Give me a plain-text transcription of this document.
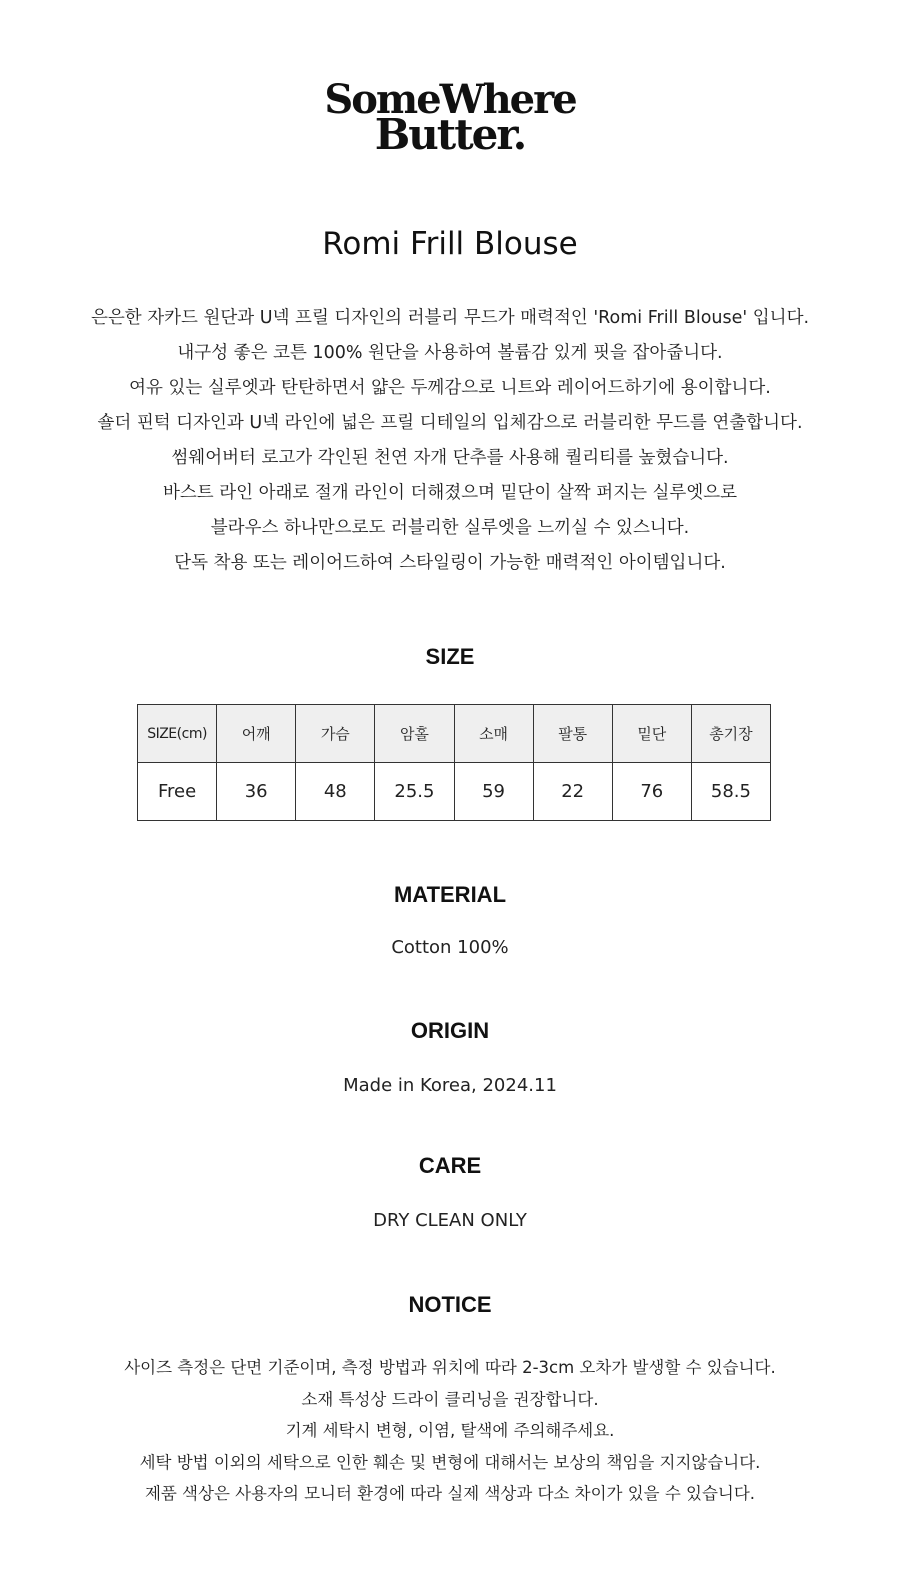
SomeWhere
Butter.
Romi Frill Blouse
은은한 자카드 원단과 U넥 프릴 디자인의 러블리 무드가 매력적인 'Romi Frill Blouse' 입니다.
내구성 좋은 코튼 100% 원단을 사용하여 볼륨감 있게 핏을 잡아줍니다.
여유 있는 실루엣과 탄탄하면서 얇은 두께감으로 니트와 레이어드하기에 용이합니다.
숄더 핀턱 디자인과 U넥 라인에 넓은 프릴 디테일의 입체감으로 러블리한 무드를 연출합니다.
썸웨어버터 로고가 각인된 천연 자개 단추를 사용해 퀄리티를 높혔습니다.
바스트 라인 아래로 절개 라인이 더해졌으며 밑단이 살짝 퍼지는 실루엣으로
블라우스 하나만으로도 러블리한 실루엣을 느끼실 수 있스니다.
단독 착용 또는 레이어드하여 스타일링이 가능한 매력적인 아이템입니다.
SIZE
SIZE(cm)	어깨	가슴	암홀	소매	팔통	밑단	총기장
Free	36	48	25.5	59	22	76	58.5
MATERIAL
Cotton 100%
ORIGIN
Made in Korea, 2024.11
CARE
DRY CLEAN ONLY
NOTICE
사이즈 측정은 단면 기준이며, 측정 방법과 위치에 따라 2-3cm 오차가 발생할 수 있습니다.
소재 특성상 드라이 클리닝을 권장합니다.
기계 세탁시 변형, 이염, 탈색에 주의해주세요.
세탁 방법 이외의 세탁으로 인한 훼손 및 변형에 대해서는 보상의 책임을 지지않습니다.
제품 색상은 사용자의 모니터 환경에 따라 실제 색상과 다소 차이가 있을 수 있습니다.
